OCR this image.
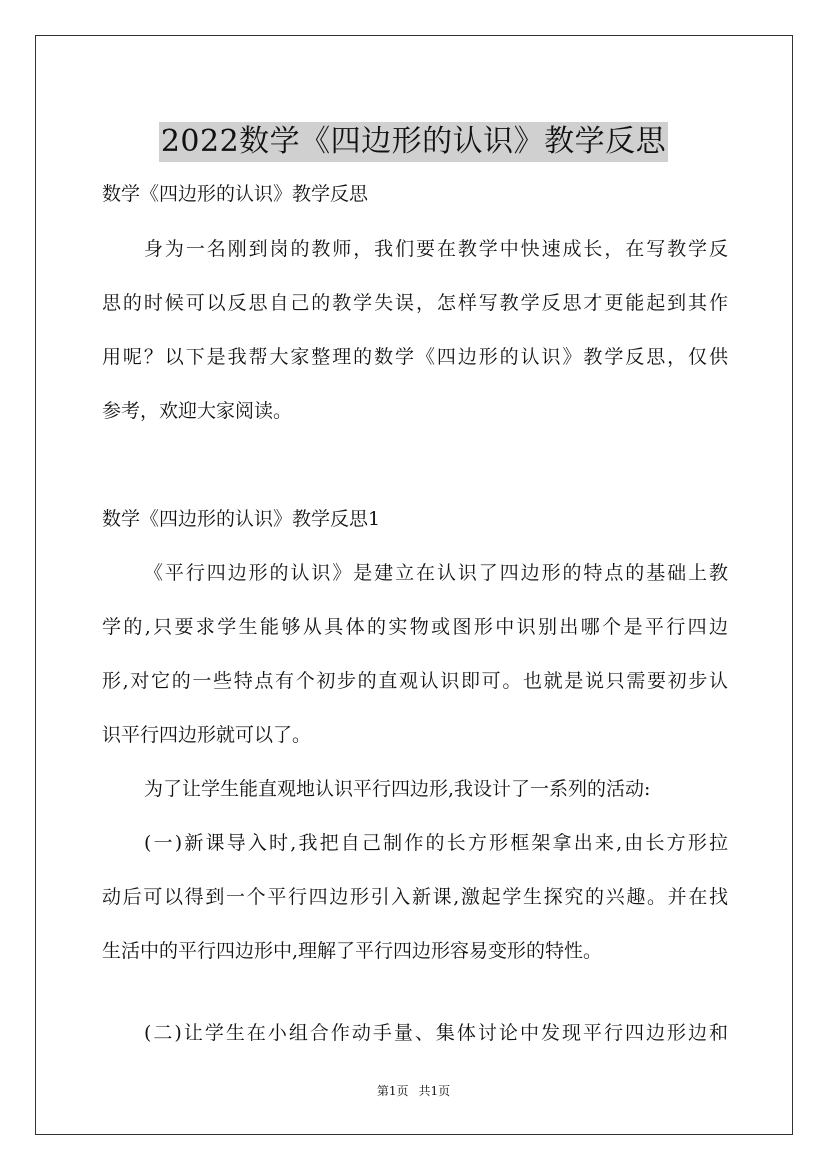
2022数学《四边形的认识》教学反思
数学《四边形的认识》教学反思
身为一名刚到岗的教师，我们要在教学中快速成长，在写教学反
思的时候可以反思自己的教学失误，怎样写教学反思才更能起到其作
用呢？以下是我帮大家整理的数学《四边形的认识》教学反思，仅供
参考，欢迎大家阅读。
数学《四边形的认识》教学反思1
《平行四边形的认识》是建立在认识了四边形的特点的基础上教
学的,只要求学生能够从具体的实物或图形中识别出哪个是平行四边
形,对它的一些特点有个初步的直观认识即可。也就是说只需要初步认
识平行四边形就可以了。
为了让学生能直观地认识平行四边形,我设计了一系列的活动:
(一)新课导入时,我把自己制作的长方形框架拿出来,由长方形拉
动后可以得到一个平行四边形引入新课,激起学生探究的兴趣。并在找
生活中的平行四边形中,理解了平行四边形容易变形的特性。
(二)让学生在小组合作动手量、集体讨论中发现平行四边形边和
第1页 共1页
